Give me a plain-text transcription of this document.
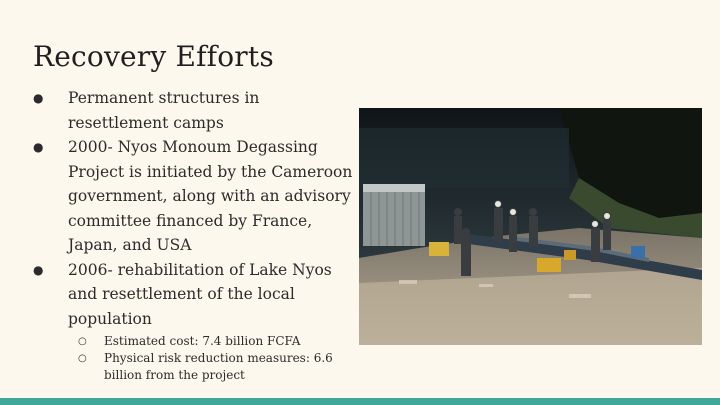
Recovery Efforts
● Permanent structures in resettlement camps
● 2000- Nyos Monoum Degassing Project is initiated by the Cameroon government, along with an advisory committee financed by France, Japan, and USA
● 2006- rehabilitation of Lake Nyos and resettlement of the local population
○ Estimated cost: 7.4 billion FCFA
○ Physical risk reduction measures: 6.6 billion from the project
